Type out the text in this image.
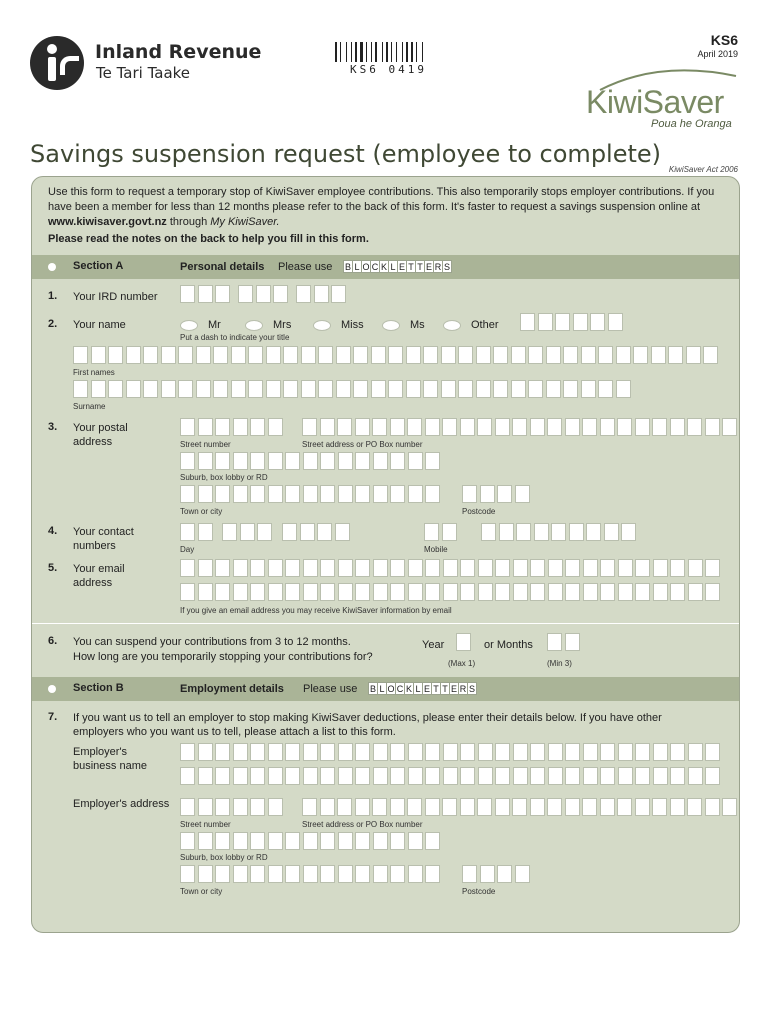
Inland Revenue
Te Tari Taake	KS6 0419
KS6
April 2019
KiwiSaver
Poua he Oranga
Savings suspension request (employee to complete)
KiwiSaver Act 2006
Use this form to request a temporary stop of KiwiSaver employee contributions. This also temporarily stops employer contributions. If you have been a member for less than 12 months please refer to the back of this form. It's faster to request a savings suspension online at www.kiwisaver.govt.nz through My KiwiSaver.
Please read the notes on the back to help you fill in this form.
Section A	Personal details Please use B L O C K L E T T E R S
1. Your IRD number
2. Your name
Put a dash to indicate your title
First names
Surname
3. Your postal
address	Street number	Street address or PO Box number
Suburb, box lobby or RD
Town or city	Postcode
4. Your contact
numbers	Day	Mobile
5. Your email
address
If you give an email address you may receive KiwiSaver information by email
6. You can suspend your contributions from 3 to 12 months.
How long are you temporarily stopping your contributions for?
Year	or Months
(Max 1)	(Min 3)
Section B	Employment details Please use B L O C K L E T T E R S
7. If you want us to tell an employer to stop making KiwiSaver deductions, please enter their details below. If you have other
employers who you want us to tell, please attach a list to this form.
Employer's
business name
Employer's address
Street number	Street address or PO Box number
Suburb, box lobby or RD
Town or city	Postcode
Mr	Mrs	Miss	Ms	Other
